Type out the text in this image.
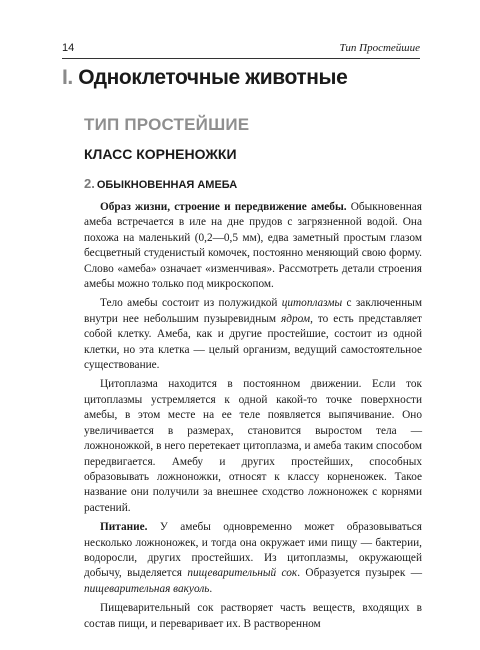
14	Тип Простейшие
I. Одноклеточные животные
ТИП ПРОСТЕЙШИЕ
КЛАСС КОРНЕНОЖКИ
2. ОБЫКНОВЕННАЯ АМЕБА

Образ жизни, строение и передвижение амебы. Обыкновенная амеба встречается в иле на дне прудов с загрязненной водой. Она похожа на маленький (0,2—0,5 мм), едва заметный простым глазом бесцветный студенистый комочек, постоянно меняющий свою форму. Слово «амеба» означает «изменчивая». Рассмотреть детали строения амебы можно только под микроскопом.

Тело амебы состоит из полужидкой цитоплазмы с заключенным внутри нее небольшим пузыревидным ядром, то есть представляет собой клетку. Амеба, как и другие простейшие, состоит из одной клетки, но эта клетка — целый организм, ведущий самостоятельное существование.

Цитоплазма находится в постоянном движении. Если ток цитоплазмы устремляется к одной какой-то точке поверхности амебы, в этом месте на ее теле появляется выпячивание. Оно увеличивается в размерах, становится выростом тела — ложноножкой, в него перетекает цитоплазма, и амеба таким способом передвигается. Амебу и других простейших, способных образовывать ложноножки, относят к классу корненожек. Такое название они получили за внешнее сходство ложноножек с корнями растений.

Питание. У амебы одновременно может образовываться несколько ложноножек, и тогда она окружает ими пищу — бактерии, водоросли, других простейших. Из цитоплазмы, окружающей добычу, выделяется пищеварительный сок. Образуется пузырек — пищеварительная вакуоль.

Пищеварительный сок растворяет часть веществ, входящих в состав пищи, и переваривает их. В растворенном
